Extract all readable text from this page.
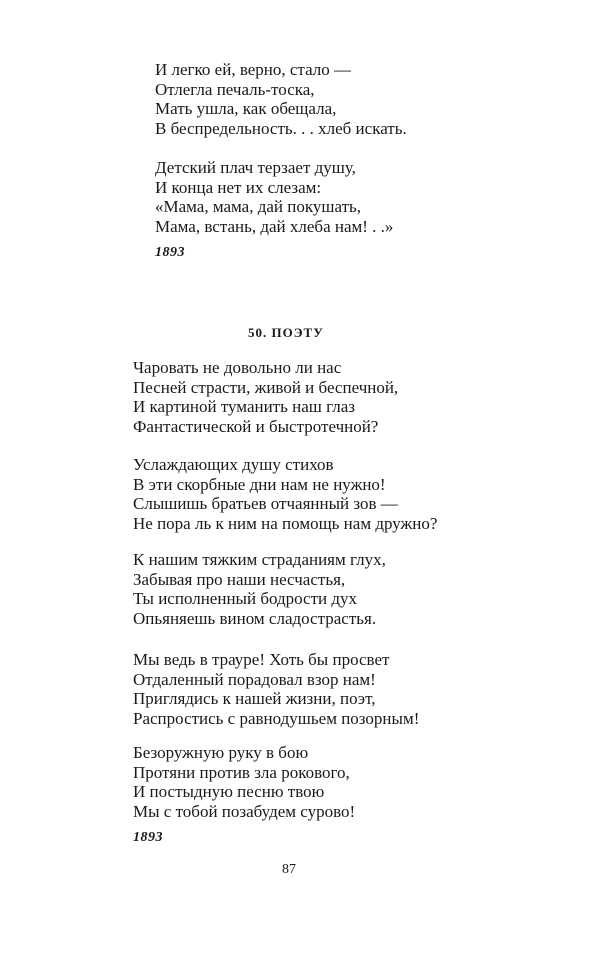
И легко ей, верно, стало —
Отлегла печаль-тоска,
Мать ушла, как обещала,
В беспредельность. . . хлеб искать.
Детский плач терзает душу,
И конца нет их слезам:
«Мама, мама, дай покушать,
Мама, встань, дай хлеба нам! . .»
1893
50. ПОЭТУ
Чаровать не довольно ли нас
Песней страсти, живой и беспечной,
И картиной туманить наш глаз
Фантастической и быстротечной?
Услаждающих душу стихов
В эти скорбные дни нам не нужно!
Слышишь братьев отчаянный зов —
Не пора ль к ним на помощь нам дружно?
К нашим тяжким страданиям глух,
Забывая про наши несчастья,
Ты исполненный бодрости дух
Опьяняешь вином сладострастья.
Мы ведь в трауре! Хоть бы просвет
Отдаленный порадовал взор нам!
Приглядись к нашей жизни, поэт,
Распростись с равнодушьем позорным!
Безоружную руку в бою
Протяни против зла рокового,
И постыдную песню твою
Мы с тобой позабудем сурово!
1893
87
